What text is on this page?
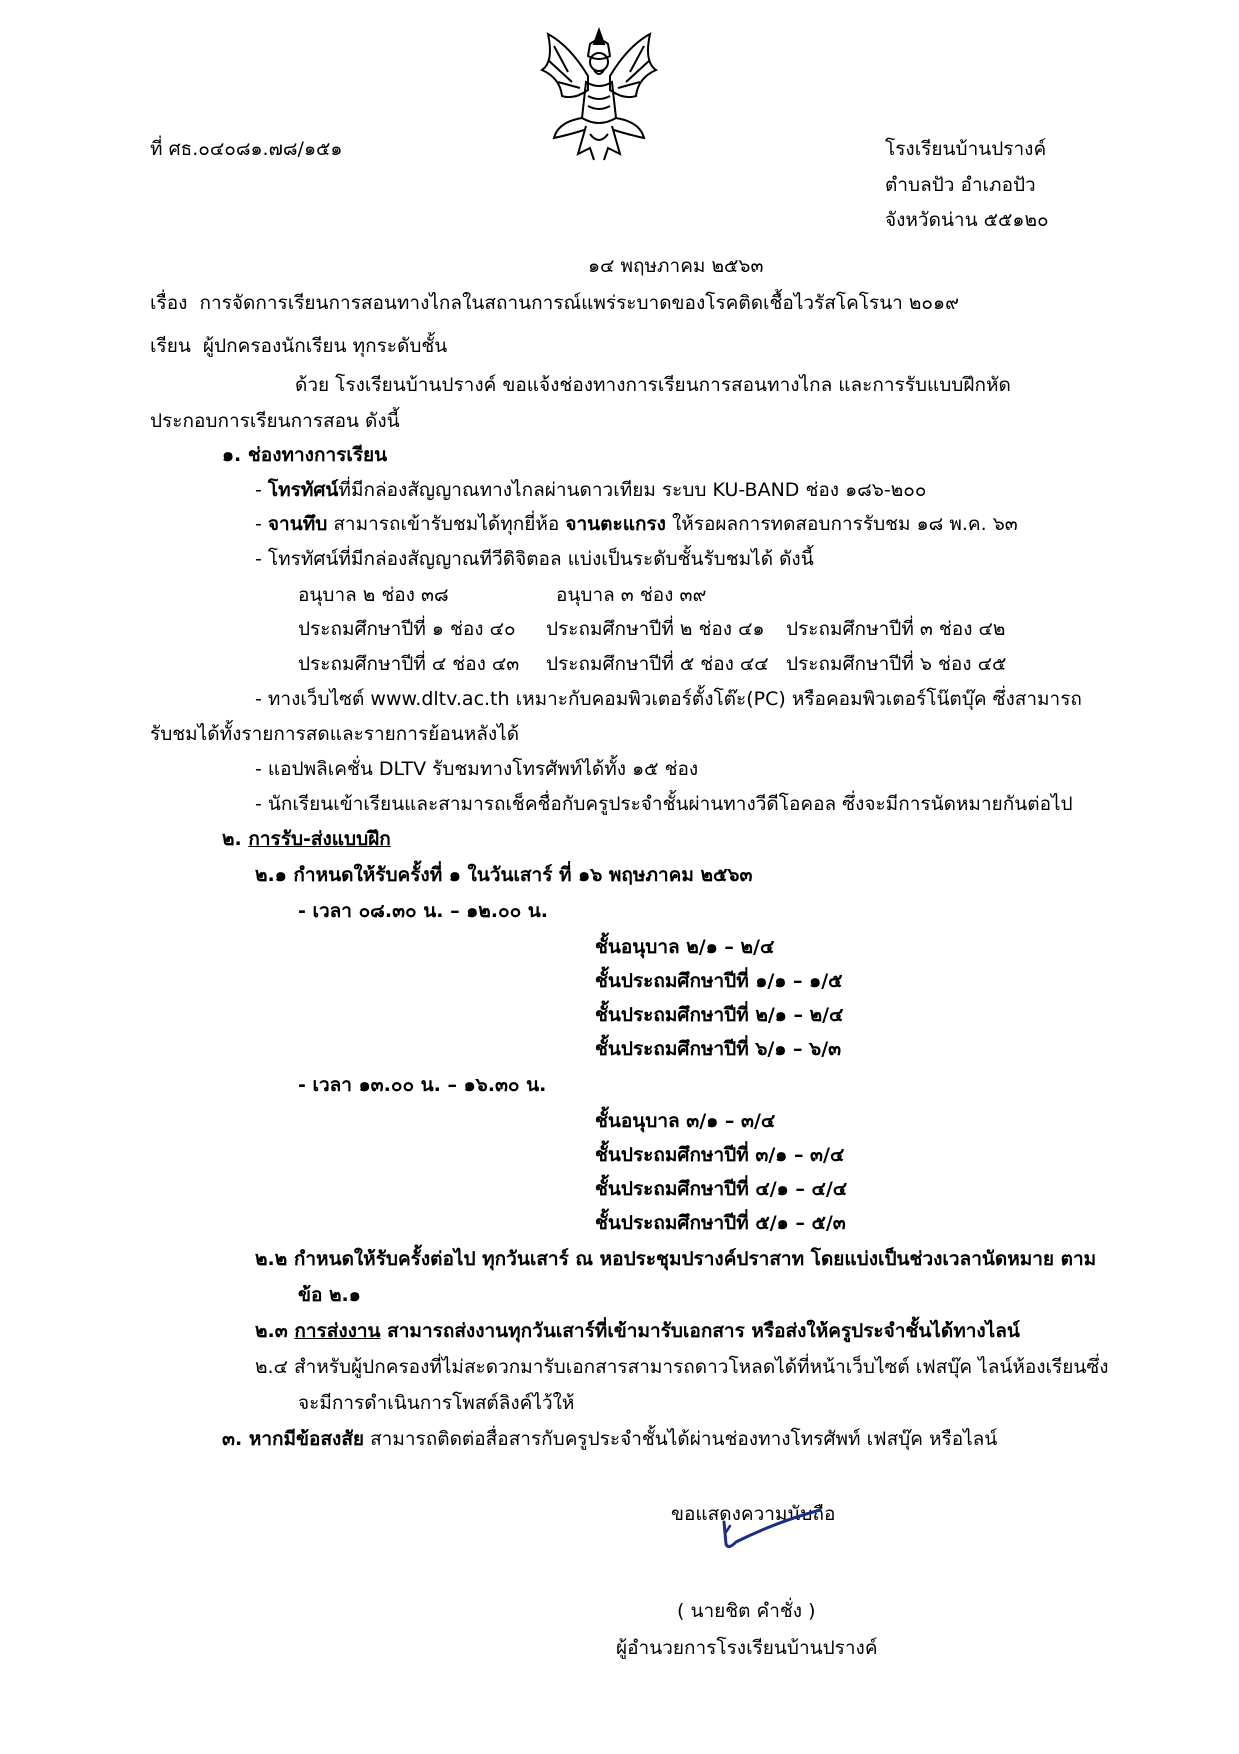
ที่ ศธ.๐๔๐๘๑.๗๘/๑๕๑	โรงเรียนบ้านปรางค์
ตำบลปัว อำเภอปัว
จังหวัดน่าน ๕๕๑๒๐
๑๔ พฤษภาคม ๒๕๖๓
เรื่อง การจัดการเรียนการสอนทางไกลในสถานการณ์แพร่ระบาดของโรคติดเชื้อไวรัสโคโรนา ๒๐๑๙
เรียน ผู้ปกครองนักเรียน ทุกระดับชั้น
ด้วย โรงเรียนบ้านปรางค์ ขอแจ้งช่องทางการเรียนการสอนทางไกล และการรับแบบฝึกหัด
ประกอบการเรียนการสอน ดังนี้
๑. ช่องทางการเรียน
- โทรทัศน์ที่มีกล่องสัญญาณทางไกลผ่านดาวเทียม ระบบ KU-BAND ช่อง ๑๘๖-๒๐๐
- จานทึบ สามารถเข้ารับชมได้ทุกยี่ห้อ จานตะแกรง ให้รอผลการทดสอบการรับชม ๑๘ พ.ค. ๖๓
- โทรทัศน์ที่มีกล่องสัญญาณทีวีดิจิตอล แบ่งเป็นระดับชั้นรับชมได้ ดังนี้
อนุบาล ๒ ช่อง ๓๘	อนุบาล ๓ ช่อง ๓๙
ประถมศึกษาปีที่ ๑ ช่อง ๔๐ ประถมศึกษาปีที่ ๒ ช่อง ๔๑ ประถมศึกษาปีที่ ๓ ช่อง ๔๒
ประถมศึกษาปีที่ ๔ ช่อง ๔๓ ประถมศึกษาปีที่ ๕ ช่อง ๔๔ ประถมศึกษาปีที่ ๖ ช่อง ๔๕
- ทางเว็บไซต์ www.dltv.ac.th เหมาะกับคอมพิวเตอร์ตั้งโต๊ะ(PC) หรือคอมพิวเตอร์โน๊ตบุ๊ค ซึ่งสามารถ
รับชมได้ทั้งรายการสดและรายการย้อนหลังได้
- แอปพลิเคชั่น DLTV รับชมทางโทรศัพท์ได้ทั้ง ๑๕ ช่อง
- นักเรียนเข้าเรียนและสามารถเช็คชื่อกับครูประจำชั้นผ่านทางวีดีโอคอล ซึ่งจะมีการนัดหมายกันต่อไป
๒. การรับ-ส่งแบบฝึก
๒.๑ กำหนดให้รับครั้งที่ ๑ ในวันเสาร์ ที่ ๑๖ พฤษภาคม ๒๕๖๓
- เวลา ๐๘.๓๐ น. – ๑๒.๐๐ น.
ชั้นอนุบาล ๒/๑ – ๒/๔
ชั้นประถมศึกษาปีที่ ๑/๑ – ๑/๕
ชั้นประถมศึกษาปีที่ ๒/๑ – ๒/๔
ชั้นประถมศึกษาปีที่ ๖/๑ – ๖/๓
- เวลา ๑๓.๐๐ น. – ๑๖.๓๐ น.
ชั้นอนุบาล ๓/๑ – ๓/๔
ชั้นประถมศึกษาปีที่ ๓/๑ – ๓/๔
ชั้นประถมศึกษาปีที่ ๔/๑ – ๔/๔
ชั้นประถมศึกษาปีที่ ๕/๑ – ๕/๓
๒.๒ กำหนดให้รับครั้งต่อไป ทุกวันเสาร์ ณ หอประชุมปรางค์ปราสาท โดยแบ่งเป็นช่วงเวลานัดหมาย ตาม
ข้อ ๒.๑
๒.๓ การส่งงาน สามารถส่งงานทุกวันเสาร์ที่เข้ามารับเอกสาร หรือส่งให้ครูประจำชั้นได้ทางไลน์
๒.๔ สำหรับผู้ปกครองที่ไม่สะดวกมารับเอกสารสามารถดาวโหลดได้ที่หน้าเว็บไซต์ เฟสบุ๊ค ไลน์ห้องเรียนซึ่ง
จะมีการดำเนินการโพสต์ลิงค์ไว้ให้
๓. หากมีข้อสงสัย สามารถติดต่อสื่อสารกับครูประจำชั้นได้ผ่านช่องทางโทรศัพท์ เฟสบุ๊ค หรือไลน์
ขอแสดงความนับถือ
( นายชิต คำชั่ง )
ผู้อำนวยการโรงเรียนบ้านปรางค์
